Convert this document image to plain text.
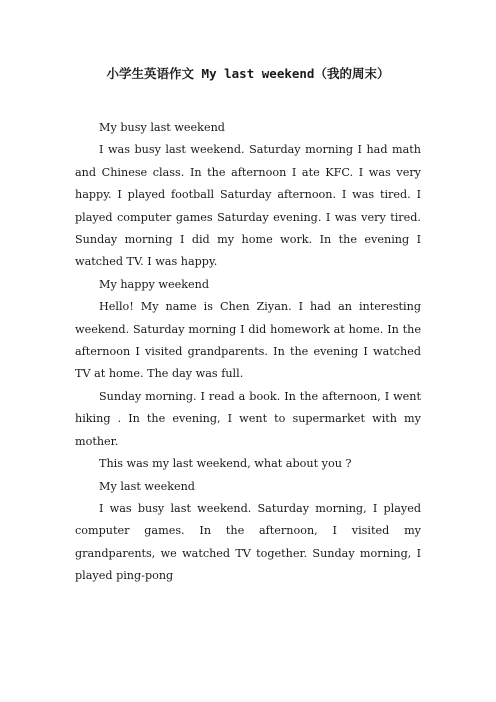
小学生英语作文 My last weekend（我的周末）

My busy last weekend

I was busy last weekend. Saturday morning I had math and Chinese class. In the afternoon I ate KFC. I was very happy. I played football Saturday afternoon. I was tired. I played computer games Saturday evening. I was very tired. Sunday morning I did my home work. In the evening I watched TV. I was happy.

My happy weekend

Hello! My name is Chen Ziyan. I had an interesting weekend. Saturday morning I did homework at home. In the afternoon I visited grandparents. In the evening I watched TV at home. The day was full.

Sunday morning. I read a book. In the afternoon, I went hiking . In the evening, I went to supermarket with my mother.

This was my last weekend, what about you ?

My last weekend

I was busy last weekend. Saturday morning, I played computer games. In the afternoon, I visited my grandparents, we watched TV together. Sunday morning, I played ping-pong
